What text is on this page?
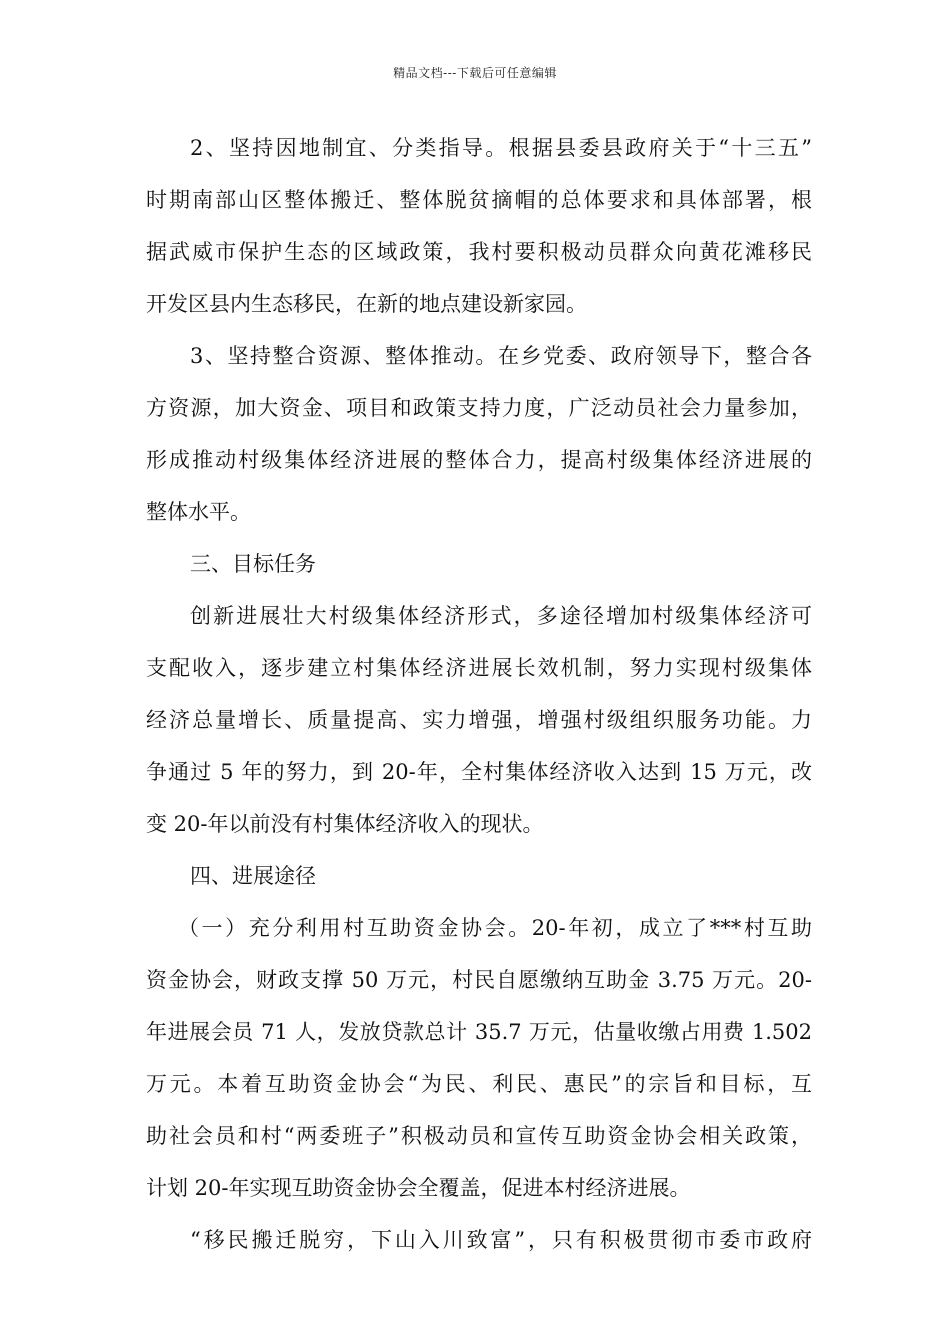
精品文档---下载后可任意编辑
2、坚持因地制宜、分类指导。根据县委县政府关于“十三五”
时期南部山区整体搬迁、整体脱贫摘帽的总体要求和具体部署，根
据武威市保护生态的区域政策，我村要积极动员群众向黄花滩移民
开发区县内生态移民，在新的地点建设新家园。
3、坚持整合资源、整体推动。在乡党委、政府领导下，整合各
方资源，加大资金、项目和政策支持力度，广泛动员社会力量参加，
形成推动村级集体经济进展的整体合力，提高村级集体经济进展的
整体水平。
三、目标任务
创新进展壮大村级集体经济形式，多途径增加村级集体经济可
支配收入，逐步建立村集体经济进展长效机制，努力实现村级集体
经济总量增长、质量提高、实力增强，增强村级组织服务功能。力
争通过 5 年的努力，到 20-年，全村集体经济收入达到 15 万元，改
变 20-年以前没有村集体经济收入的现状。
四、进展途径
（一）充分利用村互助资金协会。20-年初，成立了***村互助
资金协会，财政支撑 50 万元，村民自愿缴纳互助金 3.75 万元。20-
年进展会员 71 人，发放贷款总计 35.7 万元，估量收缴占用费 1.502
万元。本着互助资金协会“为民、利民、惠民”的宗旨和目标，互
助社会员和村“两委班子”积极动员和宣传互助资金协会相关政策，
计划 20-年实现互助资金协会全覆盖，促进本村经济进展。
“移民搬迁脱穷，下山入川致富”，只有积极贯彻市委市政府
